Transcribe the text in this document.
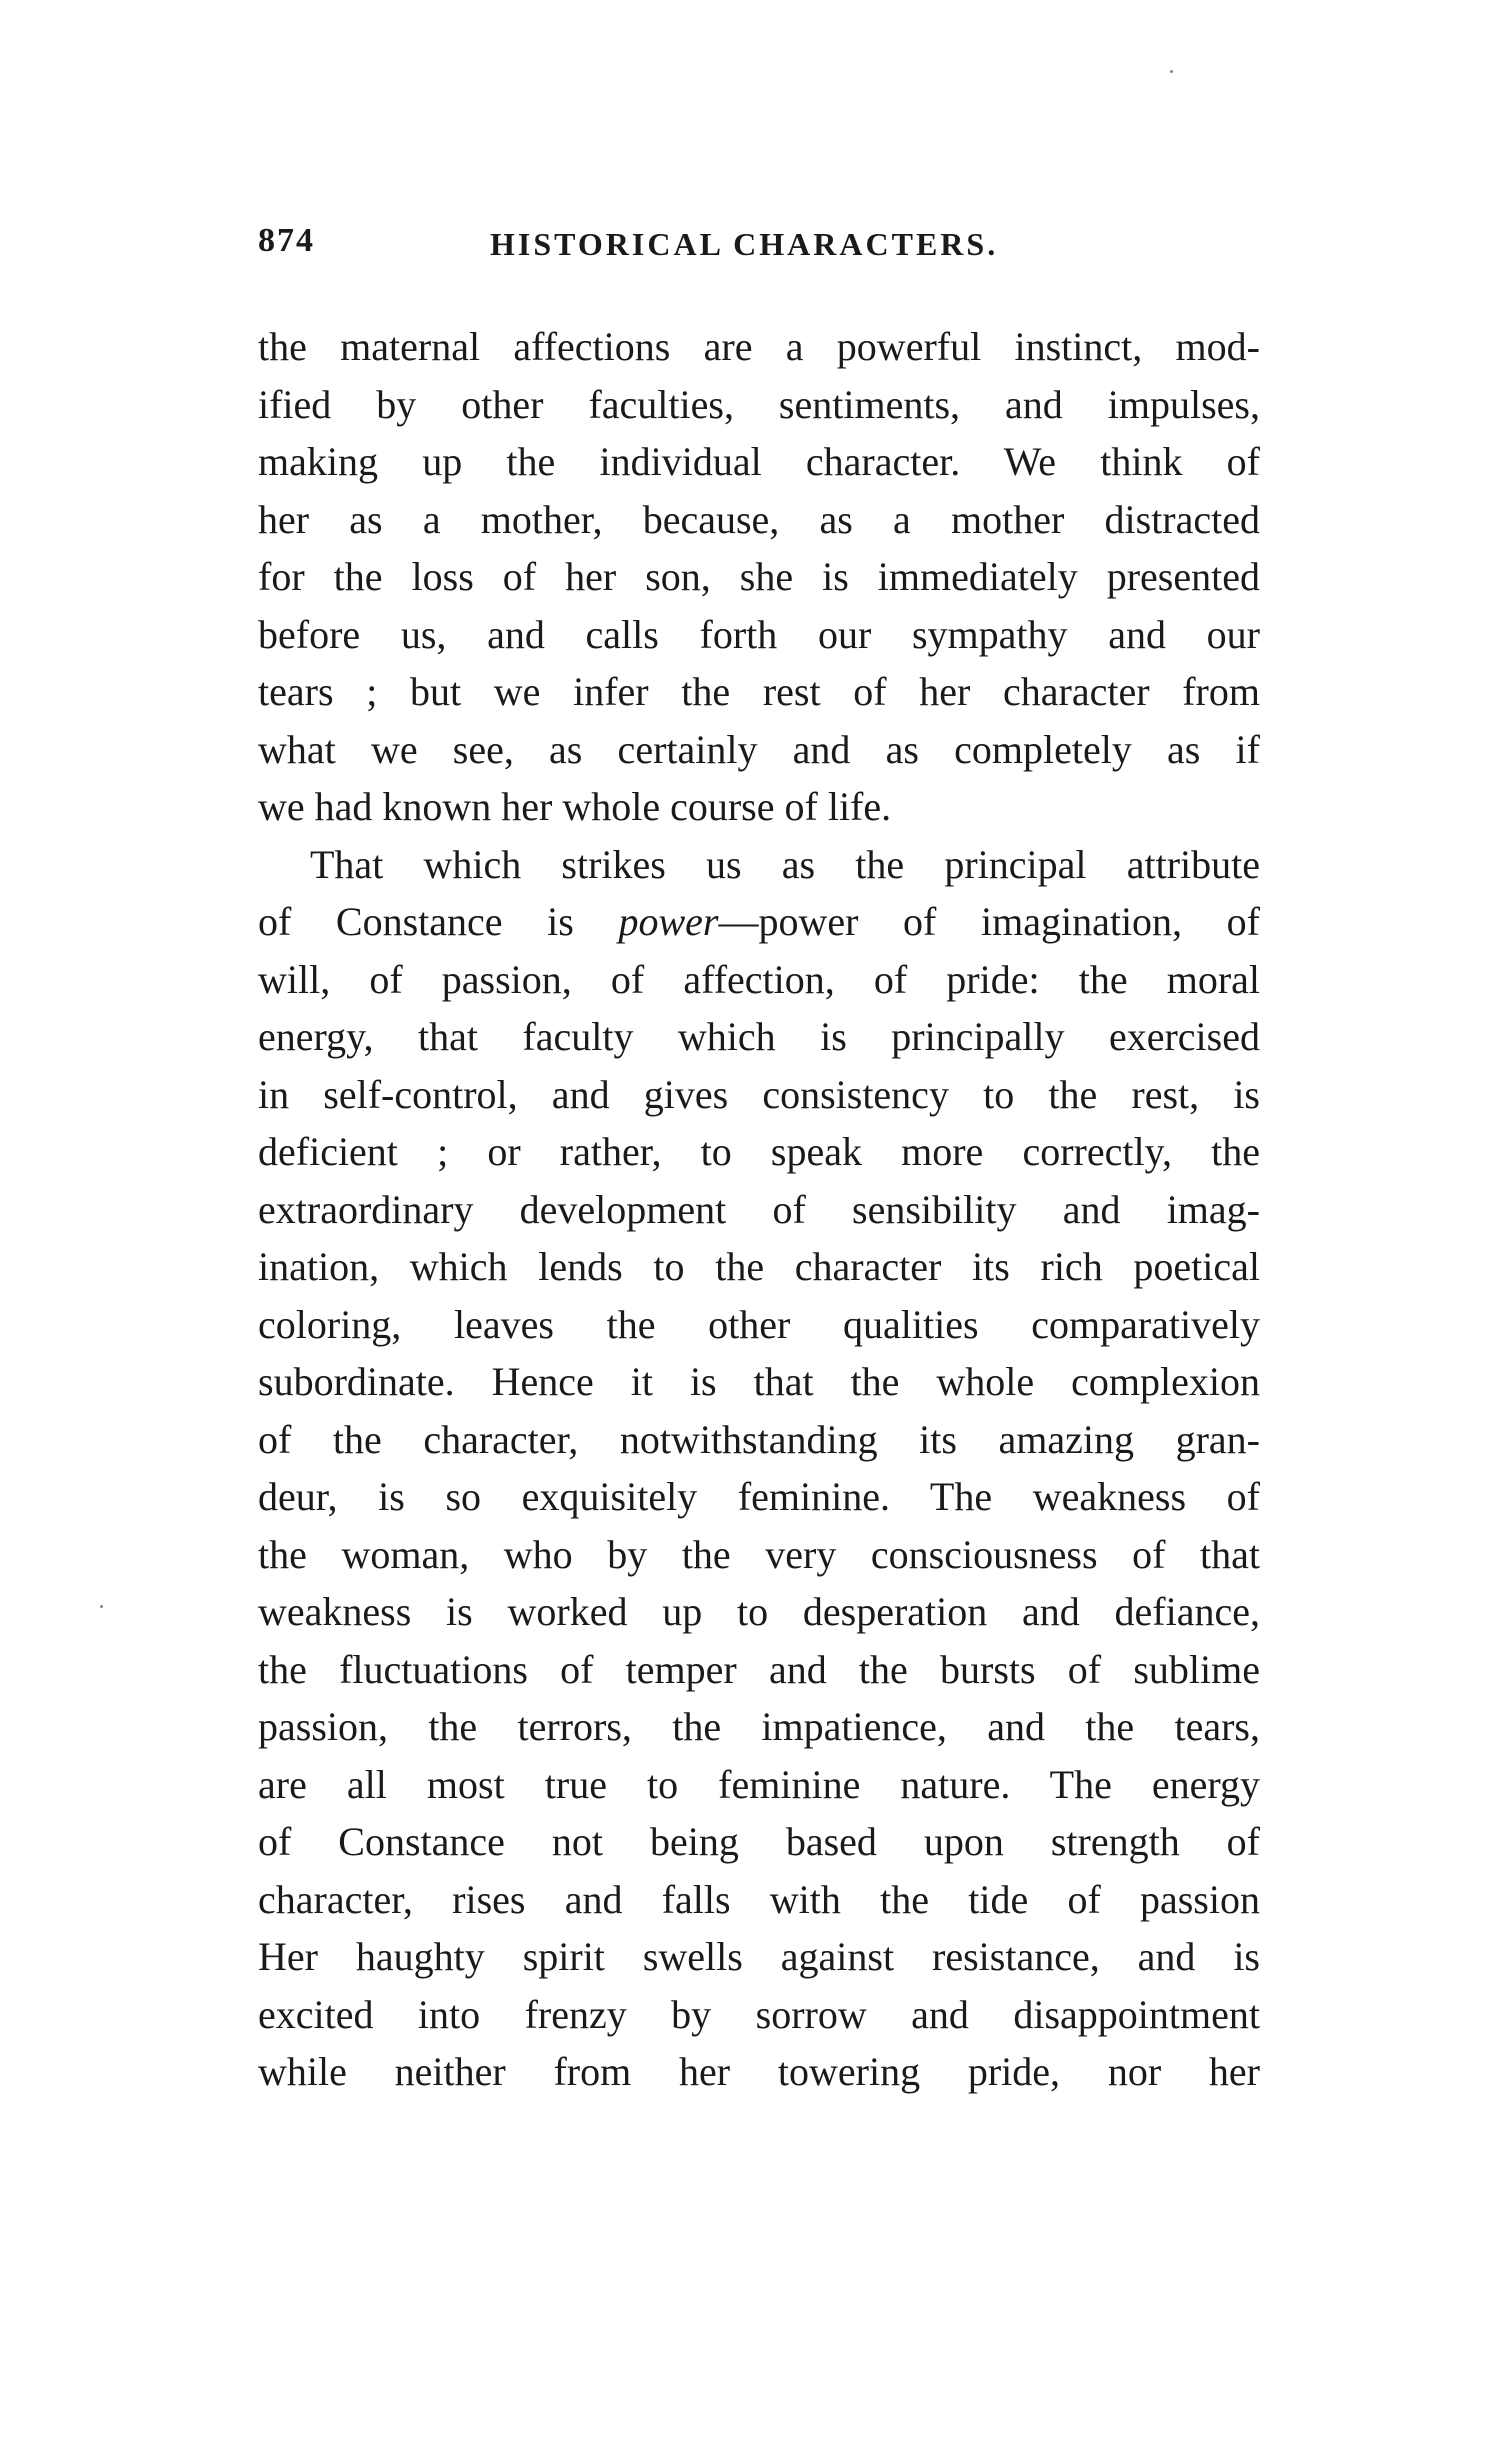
874	HISTORICAL CHARACTERS.
the maternal affections are a powerful instinct, mod-
ified by other faculties, sentiments, and impulses,
making up the individual character. We think of
her as a mother, because, as a mother distracted
for the loss of her son, she is immediately presented
before us, and calls forth our sympathy and our
tears ; but we infer the rest of her character from
what we see, as certainly and as completely as if
we had known her whole course of life.
That which strikes us as the principal attribute
of Constance is power—power of imagination, of
will, of passion, of affection, of pride: the moral
energy, that faculty which is principally exercised
in self-control, and gives consistency to the rest, is
deficient ; or rather, to speak more correctly, the
extraordinary development of sensibility and imag-
ination, which lends to the character its rich poetical
coloring, leaves the other qualities comparatively
subordinate. Hence it is that the whole complexion
of the character, notwithstanding its amazing gran-
deur, is so exquisitely feminine. The weakness of
the woman, who by the very consciousness of that
weakness is worked up to desperation and defiance,
the fluctuations of temper and the bursts of sublime
passion, the terrors, the impatience, and the tears,
are all most true to feminine nature. The energy
of Constance not being based upon strength of
character, rises and falls with the tide of passion
Her haughty spirit swells against resistance, and is
excited into frenzy by sorrow and disappointment
while neither from her towering pride, nor her
